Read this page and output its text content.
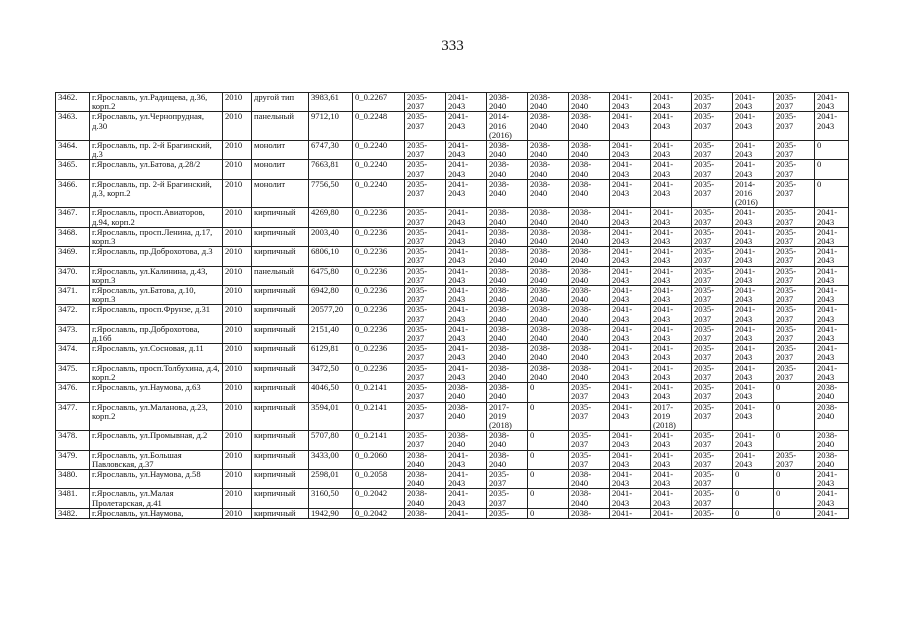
333
3462.	г.Ярославль, ул.Радищева, д.36, корп.2	2010	другой тип	3983,61	0_0.2267	2035-
2037	2041-
2043	2038-
2040	2038-
2040	2038-
2040	2041-
2043	2041-
2043	2035-
2037	2041-
2043	2035-
2037	2041-
2043
3463.	г.Ярославль, ул.Чернопрудная, д.30	2010	панельный	9712,10	0_0.2248	2035-
2037	2041-
2043	2014-
2016
(2016)	2038-
2040	2038-
2040	2041-
2043	2041-
2043	2035-
2037	2041-
2043	2035-
2037	2041-
2043
3464.	г.Ярославль, пр. 2-й Брагинский, д.3	2010	монолит	6747,30	0_0.2240	2035-
2037	2041-
2043	2038-
2040	2038-
2040	2038-
2040	2041-
2043	2041-
2043	2035-
2037	2041-
2043	2035-
2037	0
3465.	г.Ярославль, ул.Батова, д.28/2	2010	монолит	7663,81	0_0.2240	2035-
2037	2041-
2043	2038-
2040	2038-
2040	2038-
2040	2041-
2043	2041-
2043	2035-
2037	2041-
2043	2035-
2037	0
3466.	г.Ярославль, пр. 2-й Брагинский, д.3, корп.2	2010	монолит	7756,50	0_0.2240	2035-
2037	2041-
2043	2038-
2040	2038-
2040	2038-
2040	2041-
2043	2041-
2043	2035-
2037	2014-
2016
(2016)	2035-
2037	0
3467.	г.Ярославль, просп.Авиаторов, д.94, корп.2	2010	кирпичный	4269,80	0_0.2236	2035-
2037	2041-
2043	2038-
2040	2038-
2040	2038-
2040	2041-
2043	2041-
2043	2035-
2037	2041-
2043	2035-
2037	2041-
2043
3468.	г.Ярославль, просп.Ленина, д.17, корп.3	2010	кирпичный	2003,40	0_0.2236	2035-
2037	2041-
2043	2038-
2040	2038-
2040	2038-
2040	2041-
2043	2041-
2043	2035-
2037	2041-
2043	2035-
2037	2041-
2043
3469.	г.Ярославль, пр.Доброхотова, д.3	2010	кирпичный	6806,10	0_0.2236	2035-
2037	2041-
2043	2038-
2040	2038-
2040	2038-
2040	2041-
2043	2041-
2043	2035-
2037	2041-
2043	2035-
2037	2041-
2043
3470.	г.Ярославль, ул.Калинина, д.43, корп.3	2010	панельный	6475,80	0_0.2236	2035-
2037	2041-
2043	2038-
2040	2038-
2040	2038-
2040	2041-
2043	2041-
2043	2035-
2037	2041-
2043	2035-
2037	2041-
2043
3471.	г.Ярославль, ул.Батова, д.10, корп.3	2010	кирпичный	6942,80	0_0.2236	2035-
2037	2041-
2043	2038-
2040	2038-
2040	2038-
2040	2041-
2043	2041-
2043	2035-
2037	2041-
2043	2035-
2037	2041-
2043
3472.	г.Ярославль, просп.Фрунзе, д.31	2010	кирпичный	20577,20	0_0.2236	2035-
2037	2041-
2043	2038-
2040	2038-
2040	2038-
2040	2041-
2043	2041-
2043	2035-
2037	2041-
2043	2035-
2037	2041-
2043
3473.	г.Ярославль, пр.Доброхотова, д.16б	2010	кирпичный	2151,40	0_0.2236	2035-
2037	2041-
2043	2038-
2040	2038-
2040	2038-
2040	2041-
2043	2041-
2043	2035-
2037	2041-
2043	2035-
2037	2041-
2043
3474.	г.Ярославль, ул.Сосновая, д.11	2010	кирпичный	6129,81	0_0.2236	2035-
2037	2041-
2043	2038-
2040	2038-
2040	2038-
2040	2041-
2043	2041-
2043	2035-
2037	2041-
2043	2035-
2037	2041-
2043
3475.	г.Ярославль, просп.Толбухина, д.4, корп.2	2010	кирпичный	3472,50	0_0.2236	2035-
2037	2041-
2043	2038-
2040	2038-
2040	2038-
2040	2041-
2043	2041-
2043	2035-
2037	2041-
2043	2035-
2037	2041-
2043
3476.	г.Ярославль, ул.Наумова, д.63	2010	кирпичный	4046,50	0_0.2141	2035-
2037	2038-
2040	2038-
2040	0	2035-
2037	2041-
2043	2041-
2043	2035-
2037	2041-
2043	0	2038-
2040
3477.	г.Ярославль, ул.Маланова, д.23, корп.2	2010	кирпичный	3594,01	0_0.2141	2035-
2037	2038-
2040	2017-
2019
(2018)	0	2035-
2037	2041-
2043	2017-
2019
(2018)	2035-
2037	2041-
2043	0	2038-
2040
3478.	г.Ярославль, ул.Промывная, д.2	2010	кирпичный	5707,80	0_0.2141	2035-
2037	2038-
2040	2038-
2040	0	2035-
2037	2041-
2043	2041-
2043	2035-
2037	2041-
2043	0	2038-
2040
3479.	г.Ярославль, ул.Большая Павловская, д.37	2010	кирпичный	3433,00	0_0.2060	2038-
2040	2041-
2043	2038-
2040	0	2035-
2037	2041-
2043	2041-
2043	2035-
2037	2041-
2043	2035-
2037	2038-
2040
3480.	г.Ярославль, ул.Наумова, д.58	2010	кирпичный	2598,01	0_0.2058	2038-
2040	2041-
2043	2035-
2037	0	2038-
2040	2041-
2043	2041-
2043	2035-
2037	0	0	2041-
2043
3481.	г.Ярославль, ул.Малая Пролетарская, д.41	2010	кирпичный	3160,50	0_0.2042	2038-
2040	2041-
2043	2035-
2037	0	2038-
2040	2041-
2043	2041-
2043	2035-
2037	0	0	2041-
2043
3482.	г.Ярославль, ул.Наумова,	2010	кирпичный	1942,90	0_0.2042	2038-	2041-	2035-	0	2038-	2041-	2041-	2035-	0	0	2041-
